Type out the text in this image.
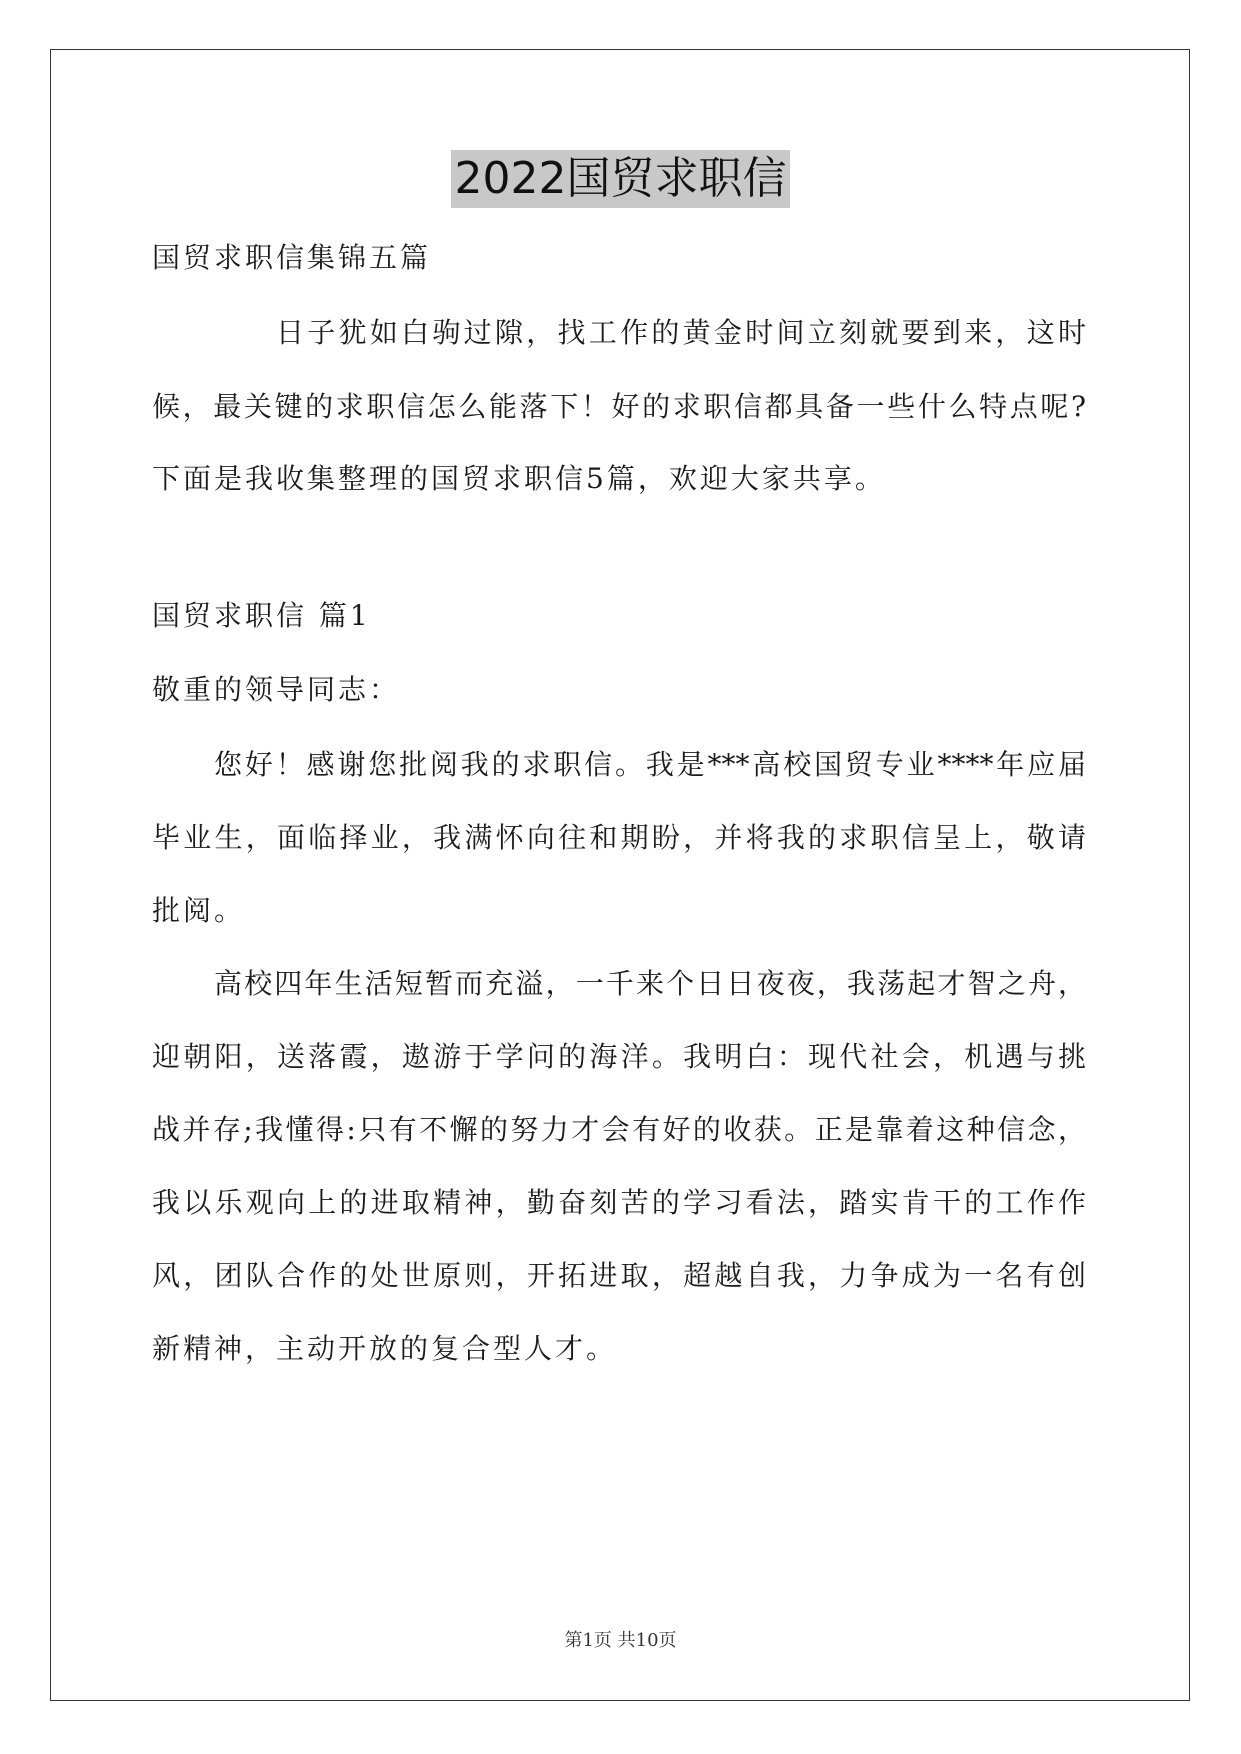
2022国贸求职信
国贸求职信集锦五篇
日子犹如白驹过隙，找工作的黄金时间立刻就要到来，这时
候，最关键的求职信怎么能落下！好的求职信都具备一些什么特点呢?
下面是我收集整理的国贸求职信5篇，欢迎大家共享。
国贸求职信 篇1
敬重的领导同志：
您好！感谢您批阅我的求职信。我是***高校国贸专业****年应届
毕业生，面临择业，我满怀向往和期盼，并将我的求职信呈上，敬请
批阅。
高校四年生活短暂而充溢，一千来个日日夜夜，我荡起才智之舟，
迎朝阳，送落霞，遨游于学问的海洋。我明白：现代社会，机遇与挑
战并存;我懂得:只有不懈的努力才会有好的收获。正是靠着这种信念，
我以乐观向上的进取精神，勤奋刻苦的学习看法，踏实肯干的工作作
风，团队合作的处世原则，开拓进取，超越自我，力争成为一名有创
新精神，主动开放的复合型人才。
第1页 共10页
